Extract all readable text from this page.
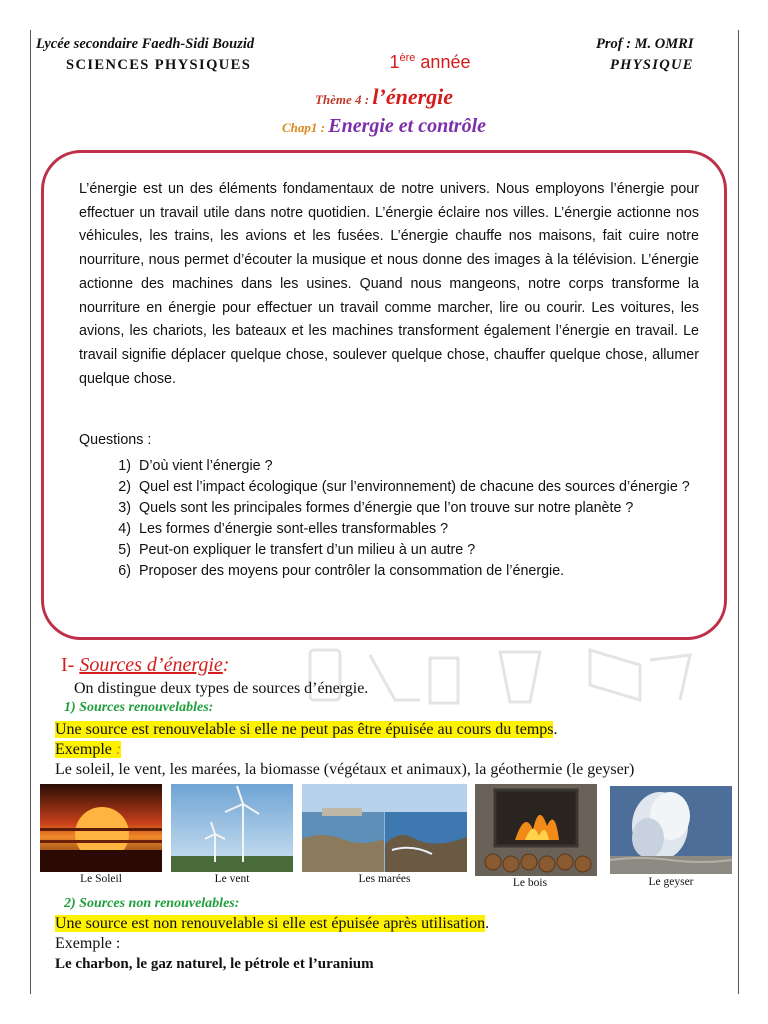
Lycée secondaire Faedh-Sidi Bouzid
SCIENCES PHYSIQUES	1ère année
Prof : M. OMRI
PHYSIQUE
Thème 4 : l’énergie
Chap1 : Energie et contrôle

L’énergie est un des éléments fondamentaux de notre univers. Nous employons l’énergie pour effectuer un travail utile dans notre quotidien. L’énergie éclaire nos villes. L’énergie actionne nos véhicules, les trains, les avions et les fusées. L’énergie chauffe nos maisons, fait cuire notre nourriture, nous permet d’écouter la musique et nous donne des images à la télévision. L’énergie actionne des machines dans les usines. Quand nous mangeons, notre corps transforme la nourriture en énergie pour effectuer un travail comme marcher, lire ou courir. Les voitures, les avions, les chariots, les bateaux et les machines transforment également l’énergie en travail. Le travail signifie déplacer quelque chose, soulever quelque chose, chauffer quelque chose, allumer quelque chose.

Questions :
1) D’où vient l’énergie ?
2) Quel est l’impact écologique (sur l’environnement) de chacune des sources d’énergie ?
3) Quels sont les principales formes d’énergie que l’on trouve sur notre planète ?
4) Les formes d’énergie sont-elles transformables ?
5) Peut-on expliquer le transfert d’un milieu à un autre ?
6) Proposer des moyens pour contrôler la consommation de l’énergie.
I- Sources d’énergie:
On distingue deux types de sources d’énergie.
1) Sources renouvelables:
Une source est renouvelable si elle ne peut pas être épuisée au cours du temps.
Exemple :
Le soleil, le vent, les marées, la biomasse (végétaux et animaux), la géothermie (le geyser)
Le Soleil	Le vent	Les marées	Le bois	Le geyser
2) Sources non renouvelables:
Une source est non renouvelable si elle est épuisée après utilisation.
Exemple :
Le charbon, le gaz naturel, le pétrole et l’uranium
